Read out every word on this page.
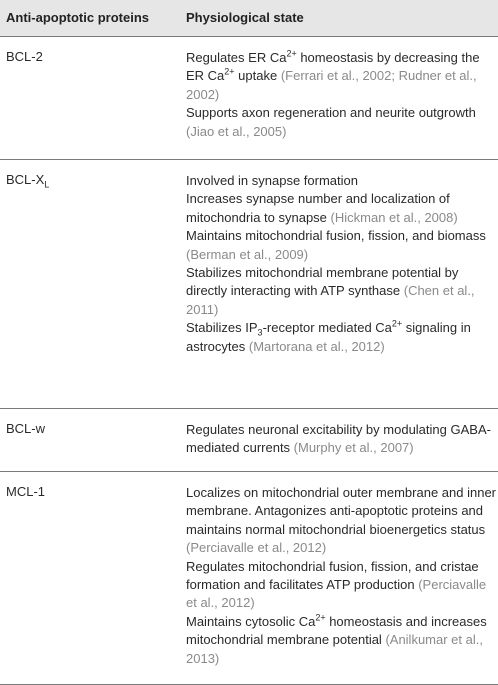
Anti-apoptotic proteins	Physiological state
BCL-2	Regulates ER $Ca^{2+}$ homeostasis by decreasing the ER $Ca^{2+}$ uptake (Ferrari et al., 2002; Rudner et al., 2002)

Supports axon regeneration and neurite outgrowth (Jiao et al., 2005)

BCL-$X_L$	Involved in synapse formation

Increases synapse number and localization of mitochondria to synapse (Hickman et al., 2008)

Maintains mitochondrial fusion, fission, and biomass (Berman et al., 2009)

Stabilizes mitochondrial membrane potential by directly interacting with ATP synthase (Chen et al., 2011)

Stabilizes $IP_3$-receptor mediated $Ca^{2+}$ signaling in astrocytes (Martorana et al., 2012)

BCL-w	Regulates neuronal excitability by modulating GABA-mediated currents (Murphy et al., 2007)

MCL-1	Localizes on mitochondrial outer membrane and inner membrane. Antagonizes anti-apoptotic proteins and maintains normal mitochondrial bioenergetics status (Perciavalle et al., 2012)

Regulates mitochondrial fusion, fission, and cristae formation and facilitates ATP production (Perciavalle et al., 2012)

Maintains cytosolic $Ca^{2+}$ homeostasis and increases mitochondrial membrane potential (Anilkumar et al., 2013)
